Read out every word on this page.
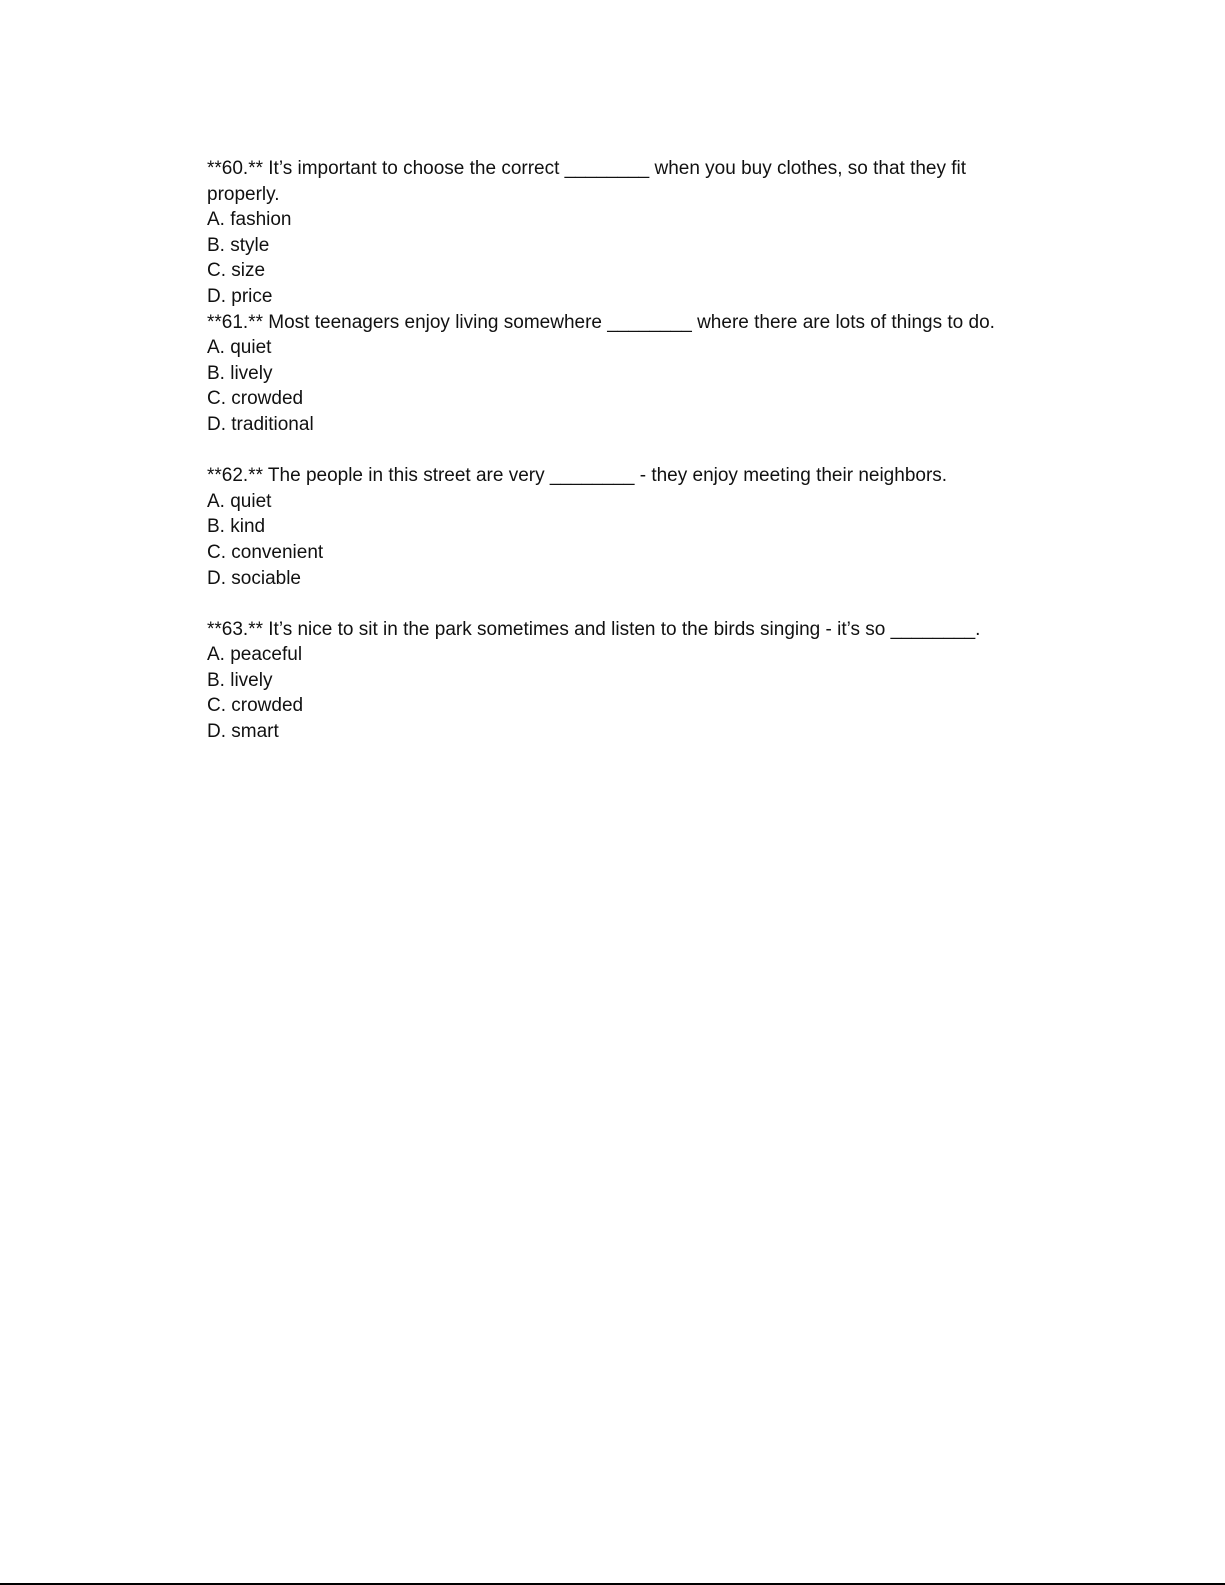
**60.** It’s important to choose the correct ________ when you buy clothes, so that they fit properly.

A. fashion
B. style
C. size
D. price

**61.** Most teenagers enjoy living somewhere ________ where there are lots of things to do.

A. quiet
B. lively
C. crowded
D. traditional

**62.** The people in this street are very ________ - they enjoy meeting their neighbors.

A. quiet
B. kind
C. convenient
D. sociable

**63.** It’s nice to sit in the park sometimes and listen to the birds singing - it’s so ________.

A. peaceful
B. lively
C. crowded
D. smart
